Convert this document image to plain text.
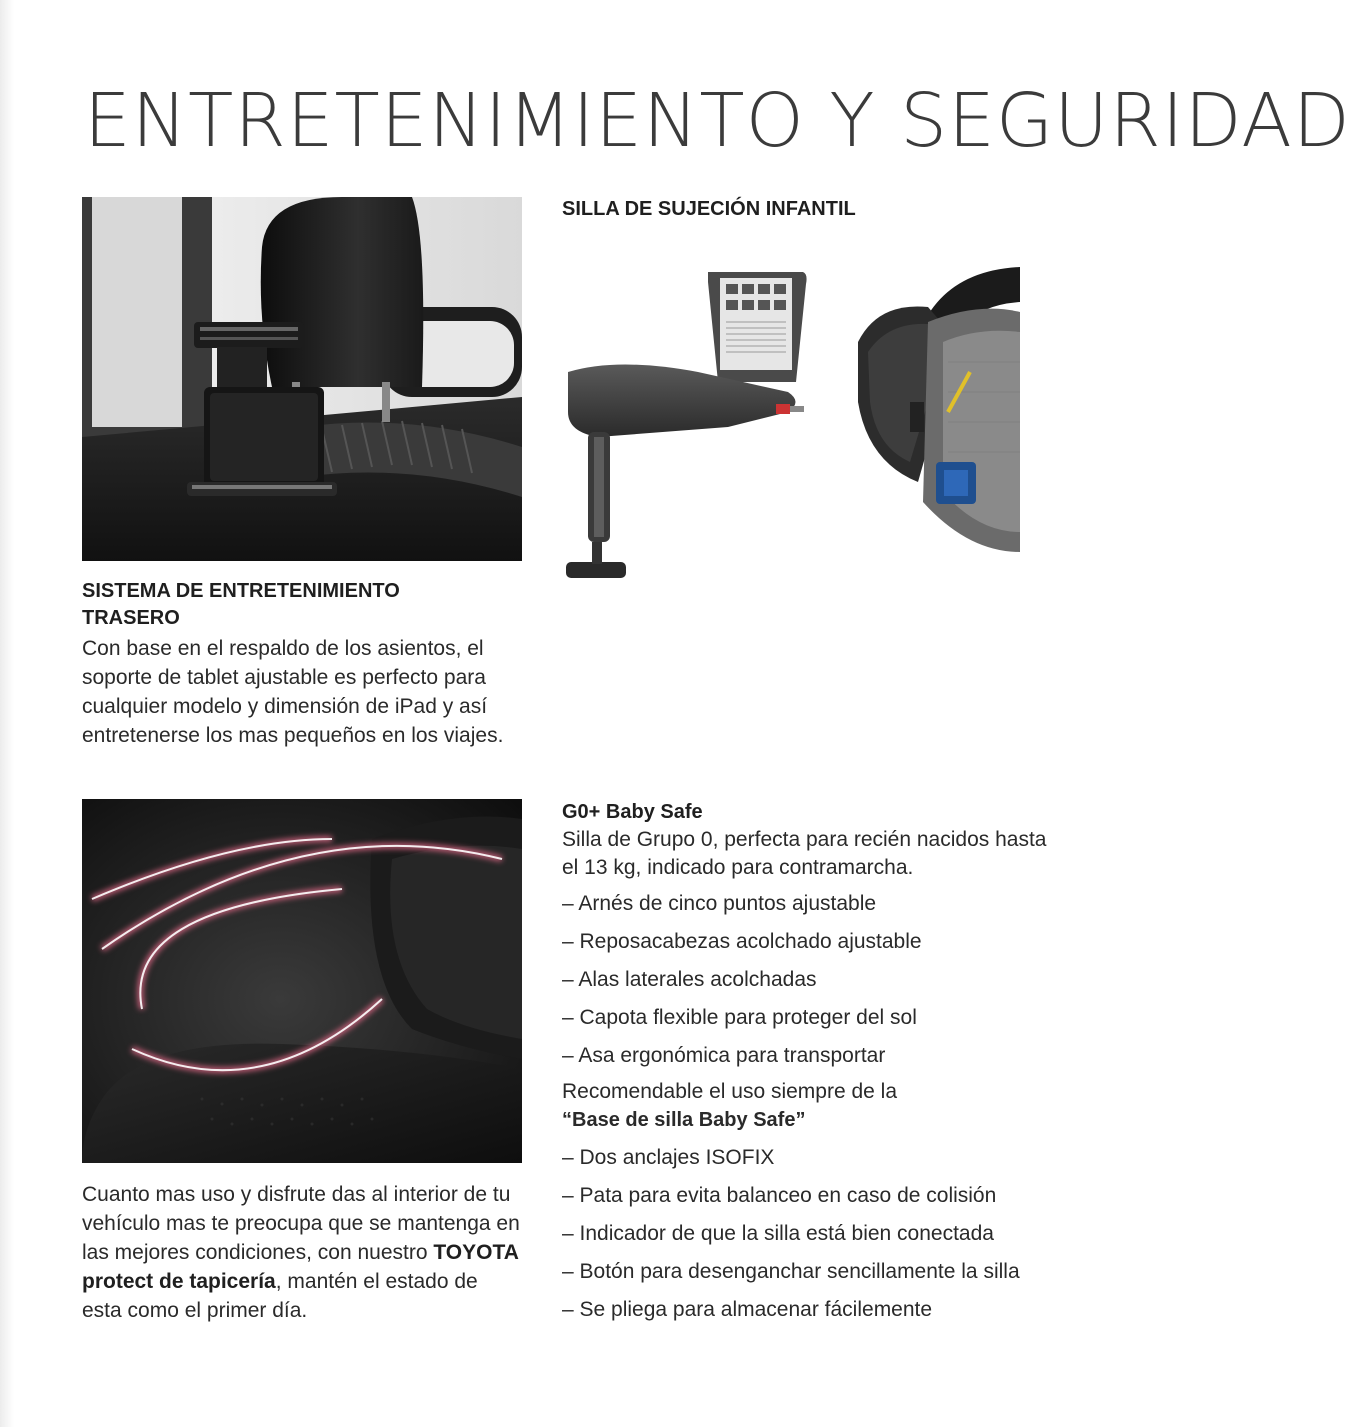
ENTRETENIMIENTO Y SEGURIDAD
SILLA DE SUJECIÓN INFANTIL
SISTEMA DE ENTRETENIMIENTO
TRASERO

Con base en el respaldo de los asientos, el soporte de tablet ajustable es perfecto para cualquier modelo y dimensión de iPad y así entretenerse los mas pequeños en los viajes.

Cuanto mas uso y disfrute das al interior de tu vehículo mas te preocupa que se mantenga en las mejores condiciones, con nuestro TOYOTA protect de tapicería, mantén el estado de esta como el primer día.

G0+ Baby Safe
Silla de Grupo 0, perfecta para recién nacidos hasta
el 13 kg, indicado para contramarcha.
– Arnés de cinco puntos ajustable
– Reposacabezas acolchado ajustable
– Alas laterales acolchadas
– Capota flexible para proteger del sol
– Asa ergonómica para transportar
Recomendable el uso siempre de la
“Base de silla Baby Safe”
– Dos anclajes ISOFIX
– Pata para evita balanceo en caso de colisión
– Indicador de que la silla está bien conectada
– Botón para desenganchar sencillamente la silla
– Se pliega para almacenar fácilemente
